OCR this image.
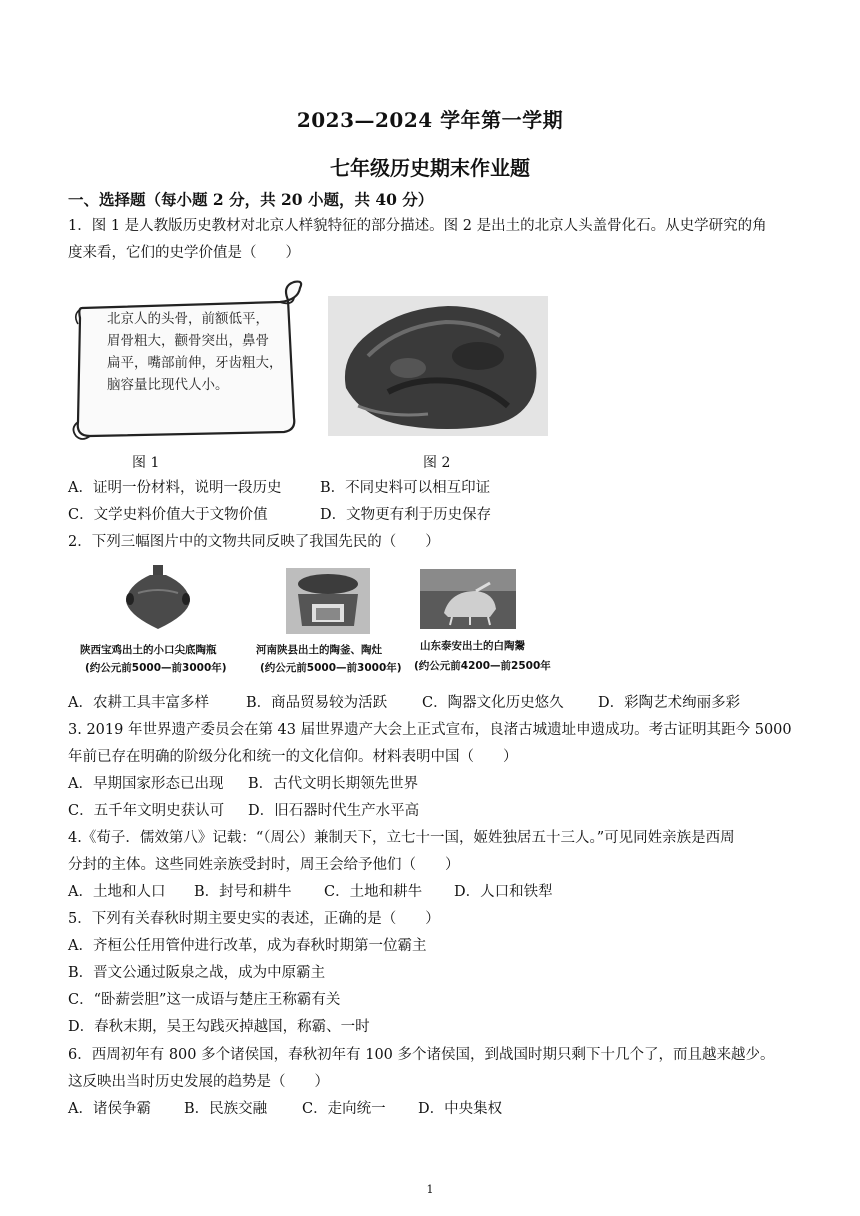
2023—2024 学年第一学期
七年级历史期末作业题
一、选择题（每小题 2 分，共 20 小题，共 40 分）
1．图 1 是人教版历史教材对北京人样貌特征的部分描述。图 2 是出土的北京人头盖骨化石。从史学研究的角
度来看，它们的史学价值是（　　）
北京人的头骨，前额低平，
眉骨粗大，颧骨突出，鼻骨
扁平，嘴部前伸，牙齿粗大，
脑容量比现代人小。
图 1	图 2
A．证明一份材料，说明一段历史	B．不同史料可以相互印证
C．文学史料价值大于文物价值	D．文物更有利于历史保存
2．下列三幅图片中的文物共同反映了我国先民的（　　）
陕西宝鸡出土的小口尖底陶瓶
(约公元前5000—前3000年)
河南陕县出土的陶釜、陶灶
(约公元前5000—前3000年)
山东泰安出土的白陶鬶
(约公元前4200—前2500年
A．农耕工具丰富多样	B．商品贸易较为活跃 C．陶器文化历史悠久 D．彩陶艺术绚丽多彩
3. 2019 年世界遗产委员会在第 43 届世界遗产大会上正式宣布，良渚古城遗址申遗成功。考古证明其距今 5000
年前已存在明确的阶级分化和统一的文化信仰。材料表明中国（　　）
A．早期国家形态已出现 B．古代文明长期领先世界
C．五千年文明史获认可 D．旧石器时代生产水平高
4.《荀子．儒效第八》记载：“（周公）兼制天下，立七十一国，姬姓独居五十三人。”可见同姓亲族是西周
分封的主体。这些同姓亲族受封时，周王会给予他们（　　）
A．土地和人口 B．封号和耕牛 C．土地和耕牛 D．人口和铁犁
5．下列有关春秋时期主要史实的表述，正确的是（　　）
A．齐桓公任用管仲进行改革，成为春秋时期第一位霸主
B．晋文公通过阪泉之战，成为中原霸主
C．“卧薪尝胆”这一成语与楚庄王称霸有关
D．春秋末期，吴王勾践灭掉越国，称霸、一时
6．西周初年有 800 多个诸侯国，春秋初年有 100 多个诸侯国，到战国时期只剩下十几个了，而且越来越少。
这反映出当时历史发展的趋势是（　　）
A．诸侯争霸 B．民族交融 C．走向统一 D．中央集权
1
